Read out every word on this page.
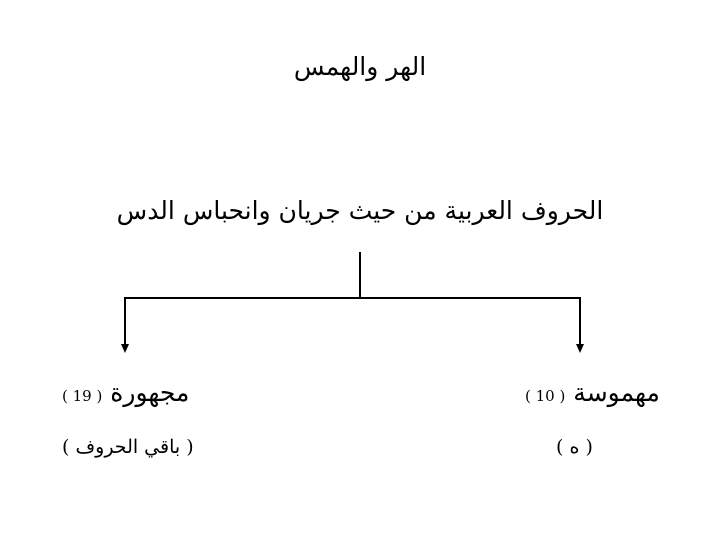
الهر والهمس
الحروف العربية من حيث جريان وانحباس الدس
مجهورة ( 19 )	مهموسة ( 10 )
( باقي الحروف )	( ه )
